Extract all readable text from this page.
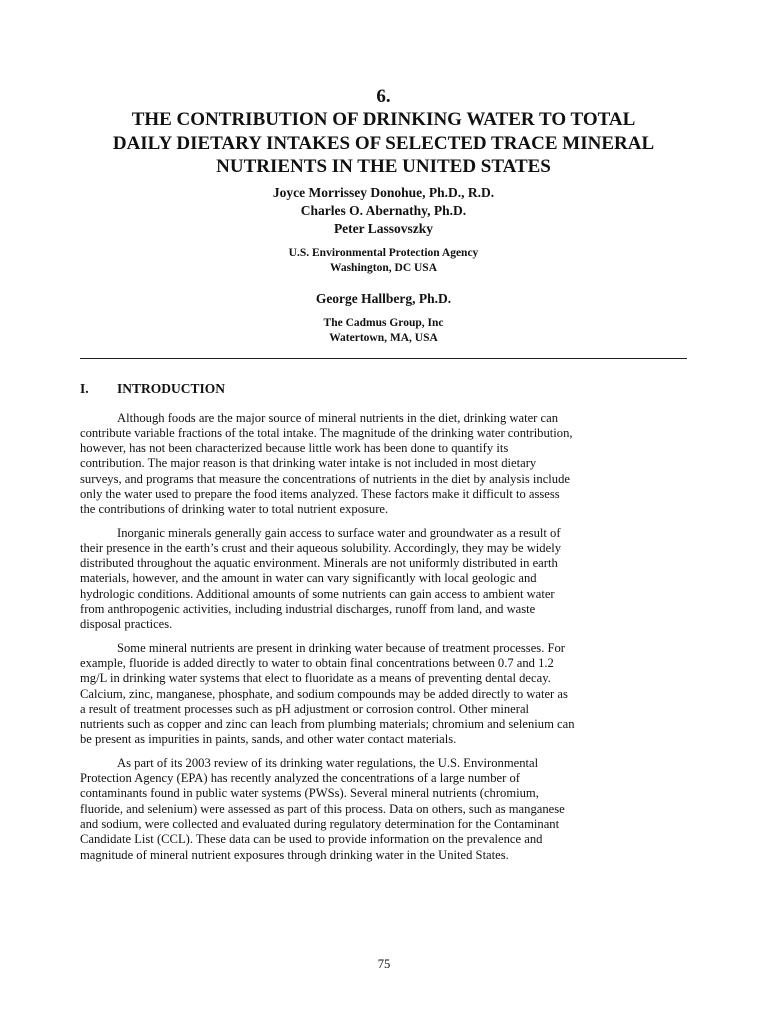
6.
THE CONTRIBUTION OF DRINKING WATER TO TOTAL
DAILY DIETARY INTAKES OF SELECTED TRACE MINERAL
NUTRIENTS IN THE UNITED STATES
Joyce Morrissey Donohue, Ph.D., R.D.
Charles O. Abernathy, Ph.D.
Peter Lassovszky
U.S. Environmental Protection Agency
Washington, DC USA
George Hallberg, Ph.D.
The Cadmus Group, Inc
Watertown, MA, USA
I. INTRODUCTION

Although foods are the major source of mineral nutrients in the diet, drinking water can
contribute variable fractions of the total intake. The magnitude of the drinking water contribution,
however, has not been characterized because little work has been done to quantify its
contribution. The major reason is that drinking water intake is not included in most dietary
surveys, and programs that measure the concentrations of nutrients in the diet by analysis include
only the water used to prepare the food items analyzed. These factors make it difficult to assess
the contributions of drinking water to total nutrient exposure.

Inorganic minerals generally gain access to surface water and groundwater as a result of
their presence in the earth’s crust and their aqueous solubility. Accordingly, they may be widely
distributed throughout the aquatic environment. Minerals are not uniformly distributed in earth
materials, however, and the amount in water can vary significantly with local geologic and
hydrologic conditions. Additional amounts of some nutrients can gain access to ambient water
from anthropogenic activities, including industrial discharges, runoff from land, and waste
disposal practices.

Some mineral nutrients are present in drinking water because of treatment processes. For
example, fluoride is added directly to water to obtain final concentrations between 0.7 and 1.2
mg/L in drinking water systems that elect to fluoridate as a means of preventing dental decay.
Calcium, zinc, manganese, phosphate, and sodium compounds may be added directly to water as
a result of treatment processes such as pH adjustment or corrosion control. Other mineral
nutrients such as copper and zinc can leach from plumbing materials; chromium and selenium can
be present as impurities in paints, sands, and other water contact materials.

As part of its 2003 review of its drinking water regulations, the U.S. Environmental
Protection Agency (EPA) has recently analyzed the concentrations of a large number of
contaminants found in public water systems (PWSs). Several mineral nutrients (chromium,
fluoride, and selenium) were assessed as part of this process. Data on others, such as manganese
and sodium, were collected and evaluated during regulatory determination for the Contaminant
Candidate List (CCL). These data can be used to provide information on the prevalence and
magnitude of mineral nutrient exposures through drinking water in the United States.

75
